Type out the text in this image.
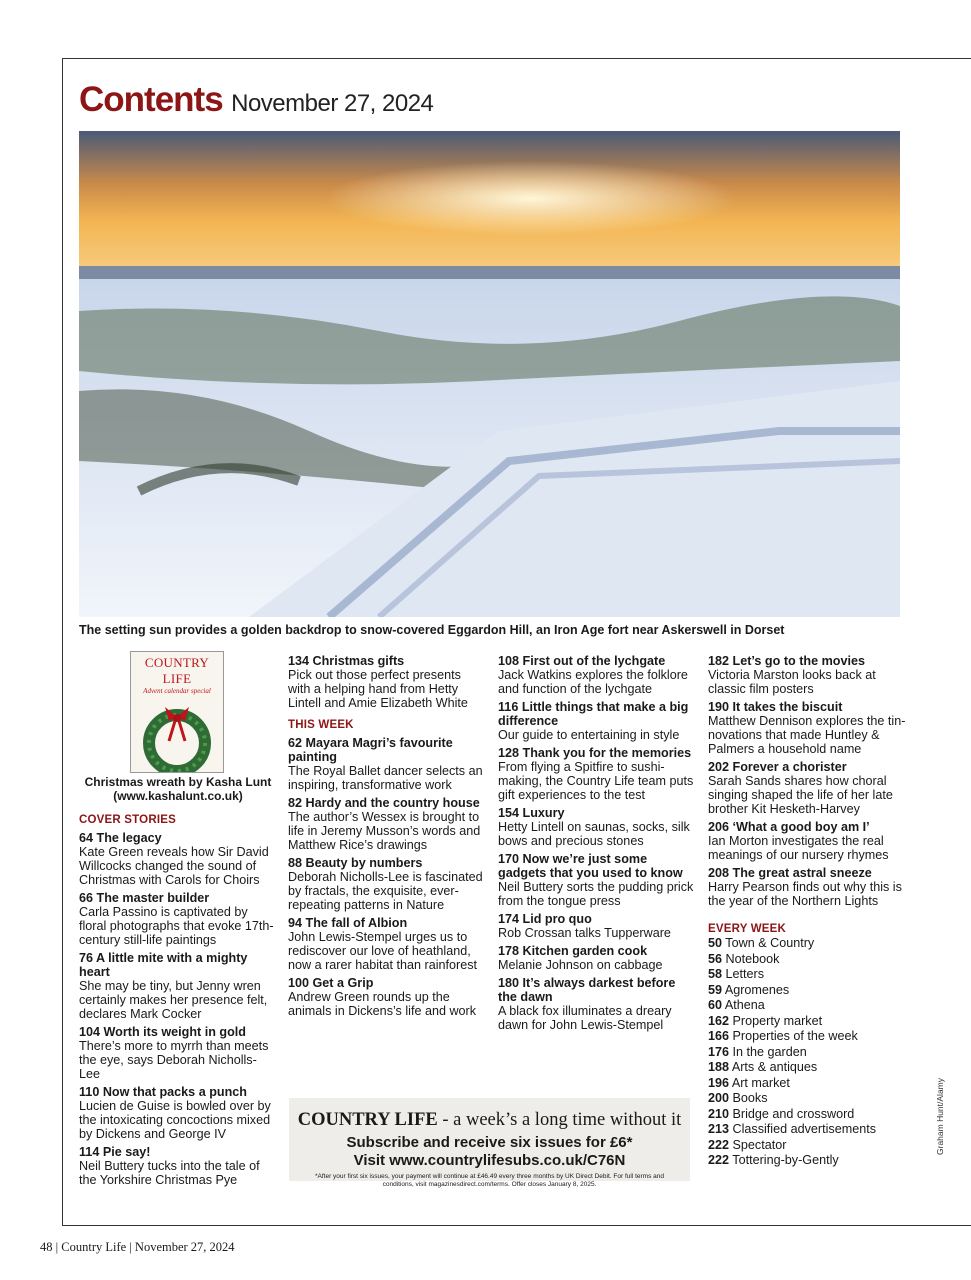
Contents November 27, 2024
The setting sun provides a golden backdrop to snow-covered Eggardon Hill, an Iron Age fort near Askerswell in Dorset
COUNTRY LIFE
Advent calendar special
Christmas wreath by Kasha Lunt
(www.kashalunt.co.uk)
COVER STORIES
64 The legacy
Kate Green reveals how Sir David Willcocks changed the sound of Christmas with Carols for Choirs
66 The master builder
Carla Passino is captivated by floral photographs that evoke 17th-century still-life paintings
76 A little mite with a mighty heart
She may be tiny, but Jenny wren certainly makes her presence felt, declares Mark Cocker
104 Worth its weight in gold
There’s more to myrrh than meets the eye, says Deborah Nicholls-Lee
110 Now that packs a punch
Lucien de Guise is bowled over by the intoxicating concoctions mixed by Dickens and George IV
114 Pie say!
Neil Buttery tucks into the tale of the Yorkshire Christmas Pye
134 Christmas gifts
Pick out those perfect presents with a helping hand from Hetty Lintell and Amie Elizabeth White
THIS WEEK
62 Mayara Magri’s favourite painting
The Royal Ballet dancer selects an inspiring, transformative work
82 Hardy and the country house
The author’s Wessex is brought to life in Jeremy Musson’s words and Matthew Rice’s drawings
88 Beauty by numbers
Deborah Nicholls-Lee is fascinated by fractals, the exquisite, ever-repeating patterns in Nature
94 The fall of Albion
John Lewis-Stempel urges us to rediscover our love of heathland, now a rarer habitat than rainforest
100 Get a Grip
Andrew Green rounds up the animals in Dickens’s life and work
108 First out of the lychgate
Jack Watkins explores the folklore and function of the lychgate
116 Little things that make a big difference
Our guide to entertaining in style
128 Thank you for the memories
From flying a Spitfire to sushi-making, the Country Life team puts gift experiences to the test
154 Luxury
Hetty Lintell on saunas, socks, silk bows and precious stones
170 Now we’re just some gadgets that you used to know
Neil Buttery sorts the pudding prick from the tongue press
174 Lid pro quo
Rob Crossan talks Tupperware
178 Kitchen garden cook
Melanie Johnson on cabbage
180 It’s always darkest before the dawn
A black fox illuminates a dreary dawn for John Lewis-Stempel
182 Let’s go to the movies
Victoria Marston looks back at classic film posters
190 It takes the biscuit
Matthew Dennison explores the tin-novations that made Huntley & Palmers a household name
202 Forever a chorister
Sarah Sands shares how choral singing shaped the life of her late brother Kit Hesketh-Harvey
206 ‘What a good boy am I’
Ian Morton investigates the real meanings of our nursery rhymes
208 The great astral sneeze
Harry Pearson finds out why this is the year of the Northern Lights
EVERY WEEK
50 Town & Country
56 Notebook
58 Letters
59 Agromenes
60 Athena
162 Property market
166 Properties of the week
176 In the garden
188 Arts & antiques
196 Art market
200 Books
210 Bridge and crossword
213 Classified advertisements
222 Spectator
222 Tottering-by-Gently
COUNTRY LIFE - a week’s a long time without it
Subscribe and receive six issues for £6*
Visit www.countrylifesubs.co.uk/C76N
*After your first six issues, your payment will continue at £46.49 every three months by UK Direct Debit. For full terms and conditions, visit magazinesdirect.com/terms. Offer closes January 8, 2025.
Graham Hunt/Alamy
48 | Country Life | November 27, 2024
